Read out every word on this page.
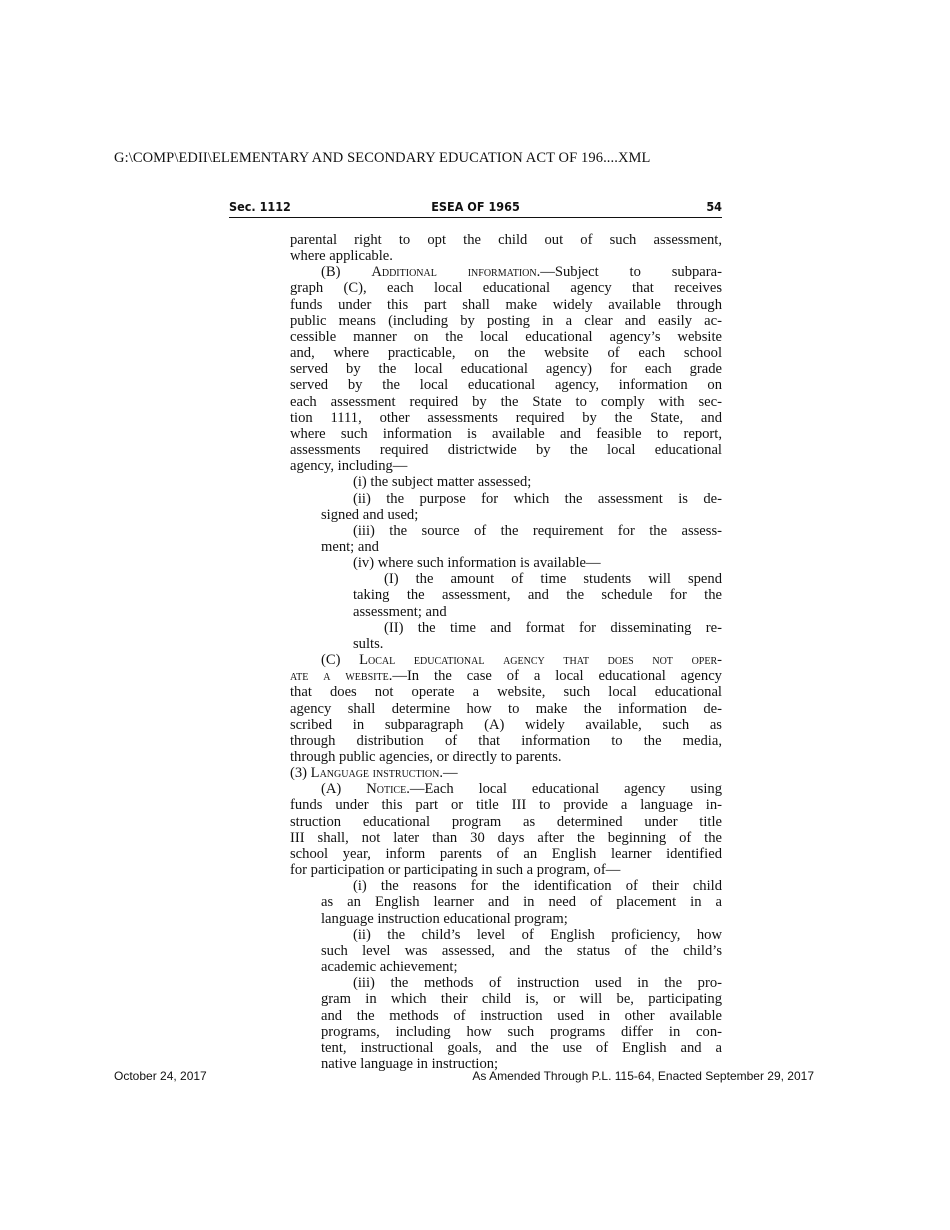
G:\COMP\EDII\ELEMENTARY AND SECONDARY EDUCATION ACT OF 196....XML
Sec. 1112	ESEA OF 1965	54
parental right to opt the child out of such assessment,
where applicable.
(B) Additional information.—Subject to subpara-
graph (C), each local educational agency that receives
funds under this part shall make widely available through
public means (including by posting in a clear and easily ac-
cessible manner on the local educational agency’s website
and, where practicable, on the website of each school
served by the local educational agency) for each grade
served by the local educational agency, information on
each assessment required by the State to comply with sec-
tion 1111, other assessments required by the State, and
where such information is available and feasible to report,
assessments required districtwide by the local educational
agency, including—
(i) the subject matter assessed;
(ii) the purpose for which the assessment is de-
signed and used;
(iii) the source of the requirement for the assess-
ment; and
(iv) where such information is available—
(I) the amount of time students will spend
taking the assessment, and the schedule for the
assessment; and
(II) the time and format for disseminating re-
sults.
(C) Local educational agency that does not oper-
ate a website.—In the case of a local educational agency
that does not operate a website, such local educational
agency shall determine how to make the information de-
scribed in subparagraph (A) widely available, such as
through distribution of that information to the media,
through public agencies, or directly to parents.
(3) Language instruction.—
(A) Notice.—Each local educational agency using
funds under this part or title III to provide a language in-
struction educational program as determined under title
III shall, not later than 30 days after the beginning of the
school year, inform parents of an English learner identified
for participation or participating in such a program, of—
(i) the reasons for the identification of their child
as an English learner and in need of placement in a
language instruction educational program;
(ii) the child’s level of English proficiency, how
such level was assessed, and the status of the child’s
academic achievement;
(iii) the methods of instruction used in the pro-
gram in which their child is, or will be, participating
and the methods of instruction used in other available
programs, including how such programs differ in con-
tent, instructional goals, and the use of English and a
native language in instruction;
October 24, 2017	As Amended Through P.L. 115-64, Enacted September 29, 2017
